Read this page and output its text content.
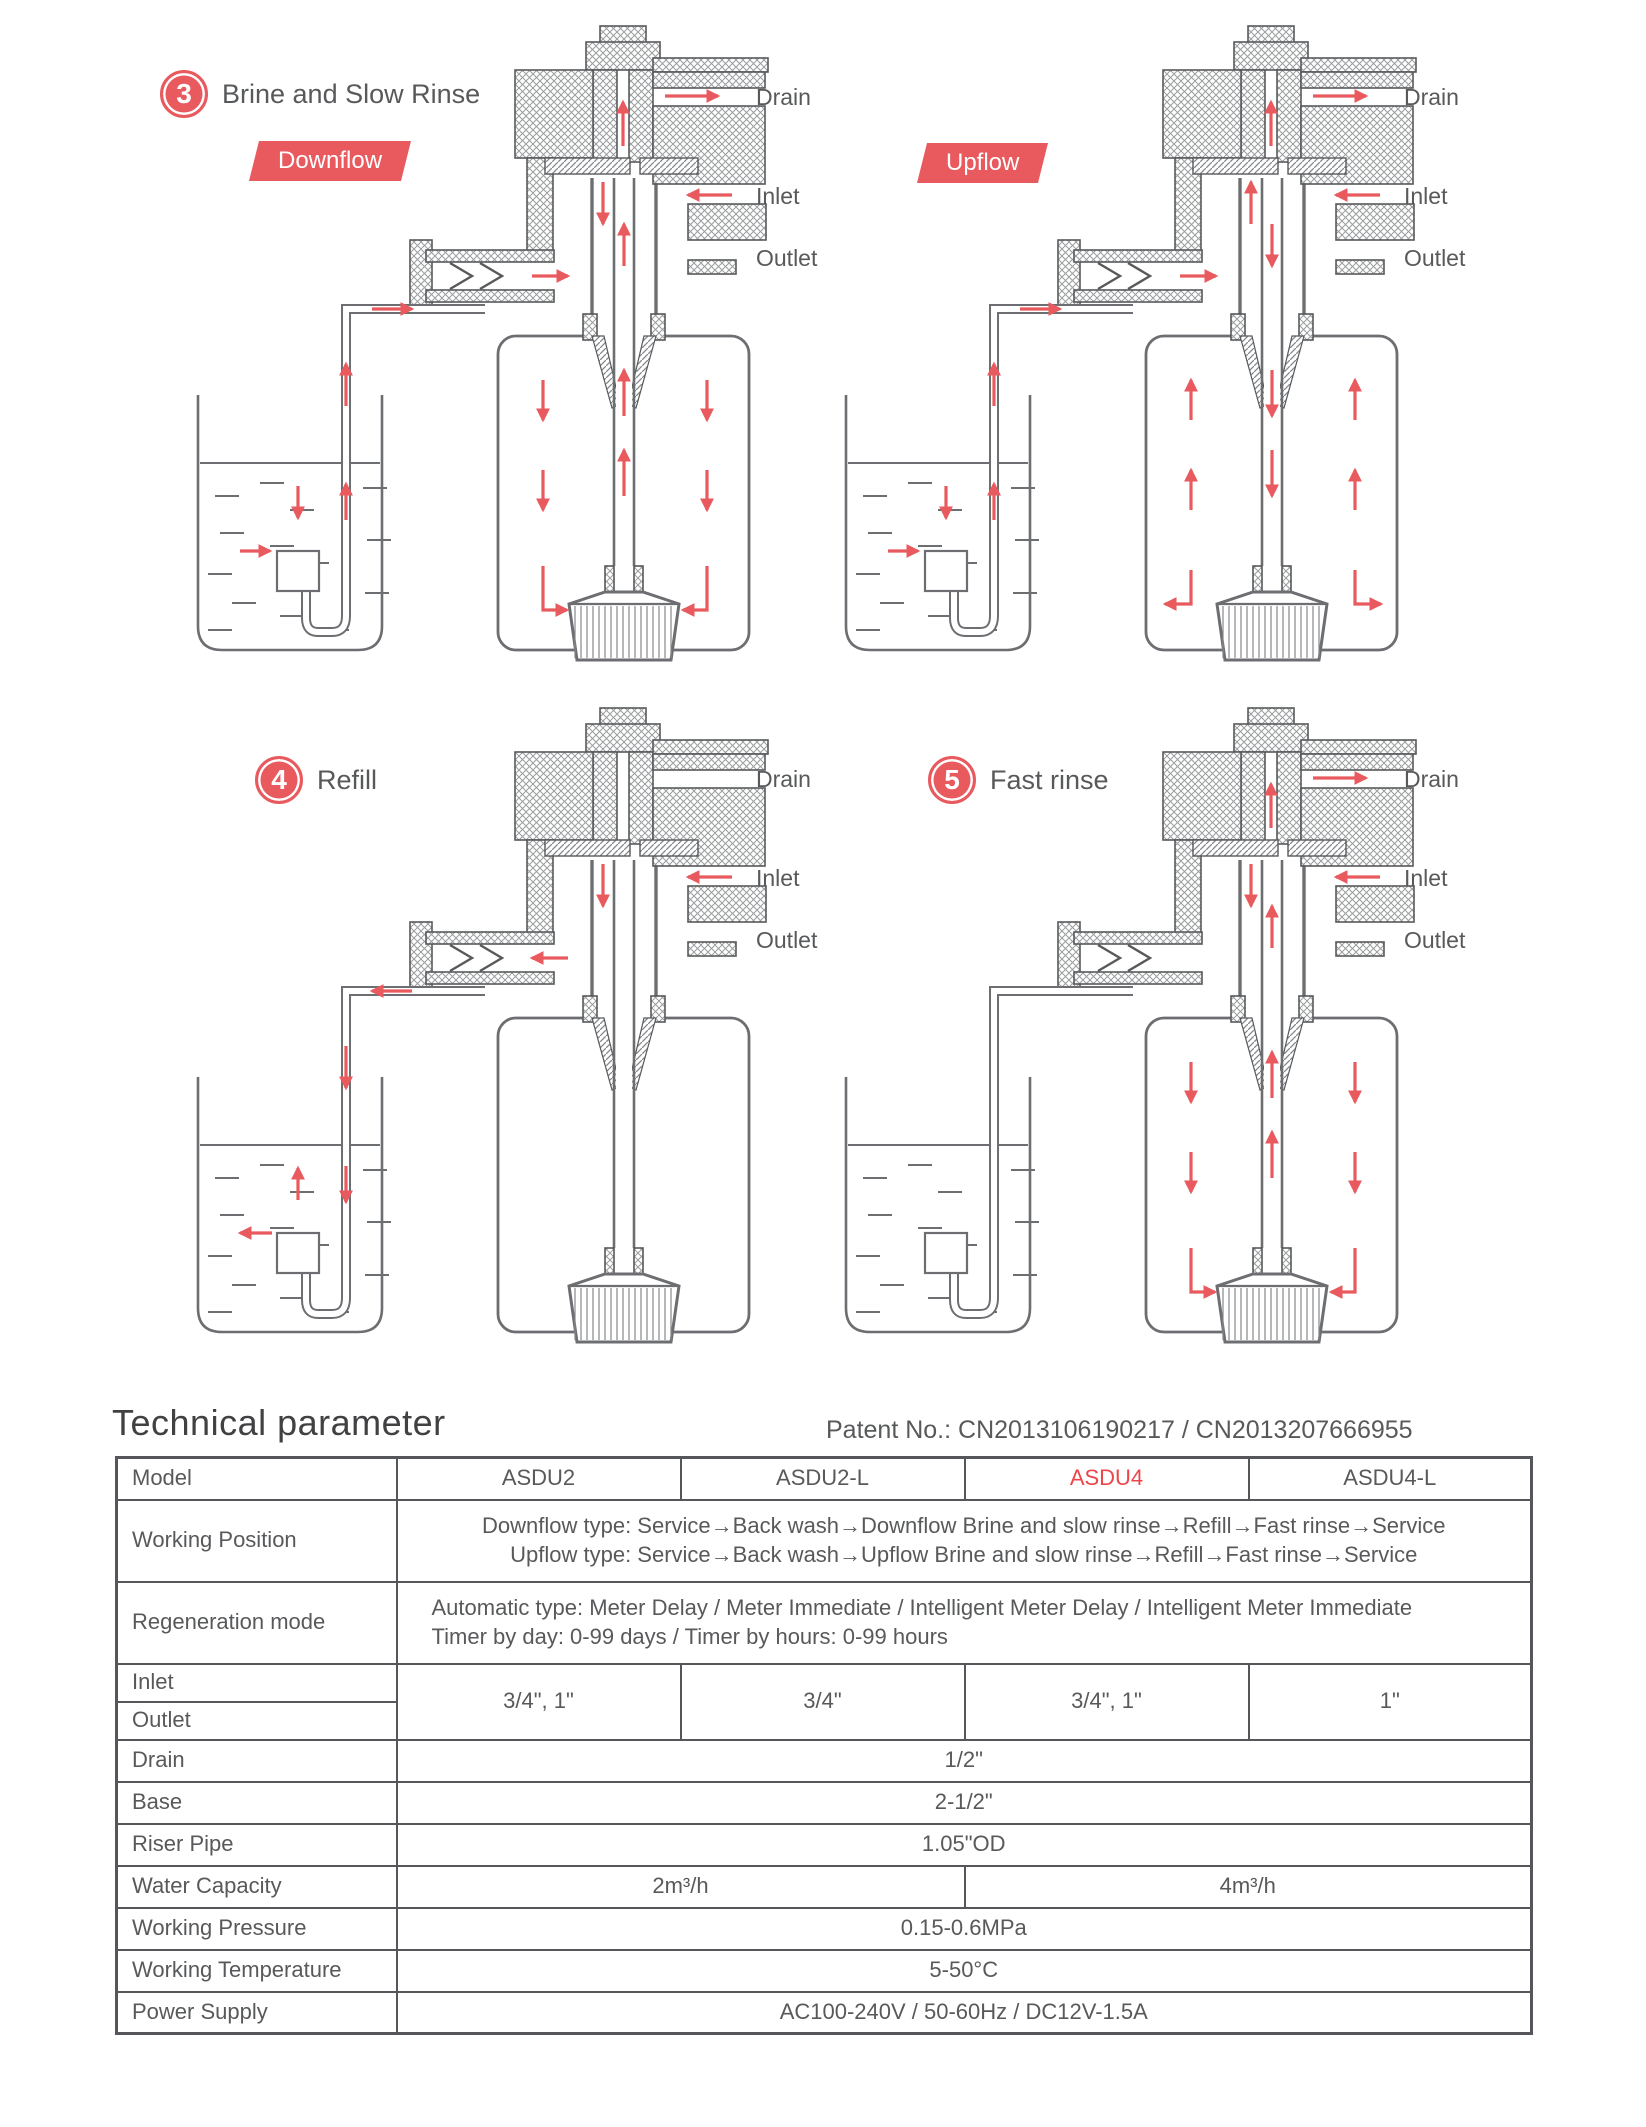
3	Brine and Slow Rinse
Downflow	Upflow
4	Refill	5	Fast rinse
Drain
Inlet
Outlet
Drain
Inlet
Outlet
Drain
Inlet
Outlet
Drain
Inlet
Outlet
Technical parameter	Patent No.: CN2013106190217 / CN2013207666955
Model	ASDU2	ASDU2-L	ASDU4	ASDU4-L
Working Position	Downflow type: Service→Back wash→Downflow Brine and slow rinse→Refill→Fast rinse→Service
Upflow type: Service→Back wash→Upflow Brine and slow rinse→Refill→Fast rinse→Service			
Regeneration mode	Automatic type: Meter Delay / Meter Immediate / Intelligent Meter Delay / Intelligent Meter Immediate
Timer by day: 0-99 days / Timer by hours: 0-99 hours			
Inlet	3/4", 1"	3/4"	3/4", 1"	1"
Outlet				
Drain	1/2"			
Base	2-1/2"			
Riser Pipe	1.05"OD			
Water Capacity	2m³/h		4m³/h	
Working Pressure	0.15-0.6MPa			
Working Temperature	5-50°C			
Power Supply	AC100-240V / 50-60Hz / DC12V-1.5A			
